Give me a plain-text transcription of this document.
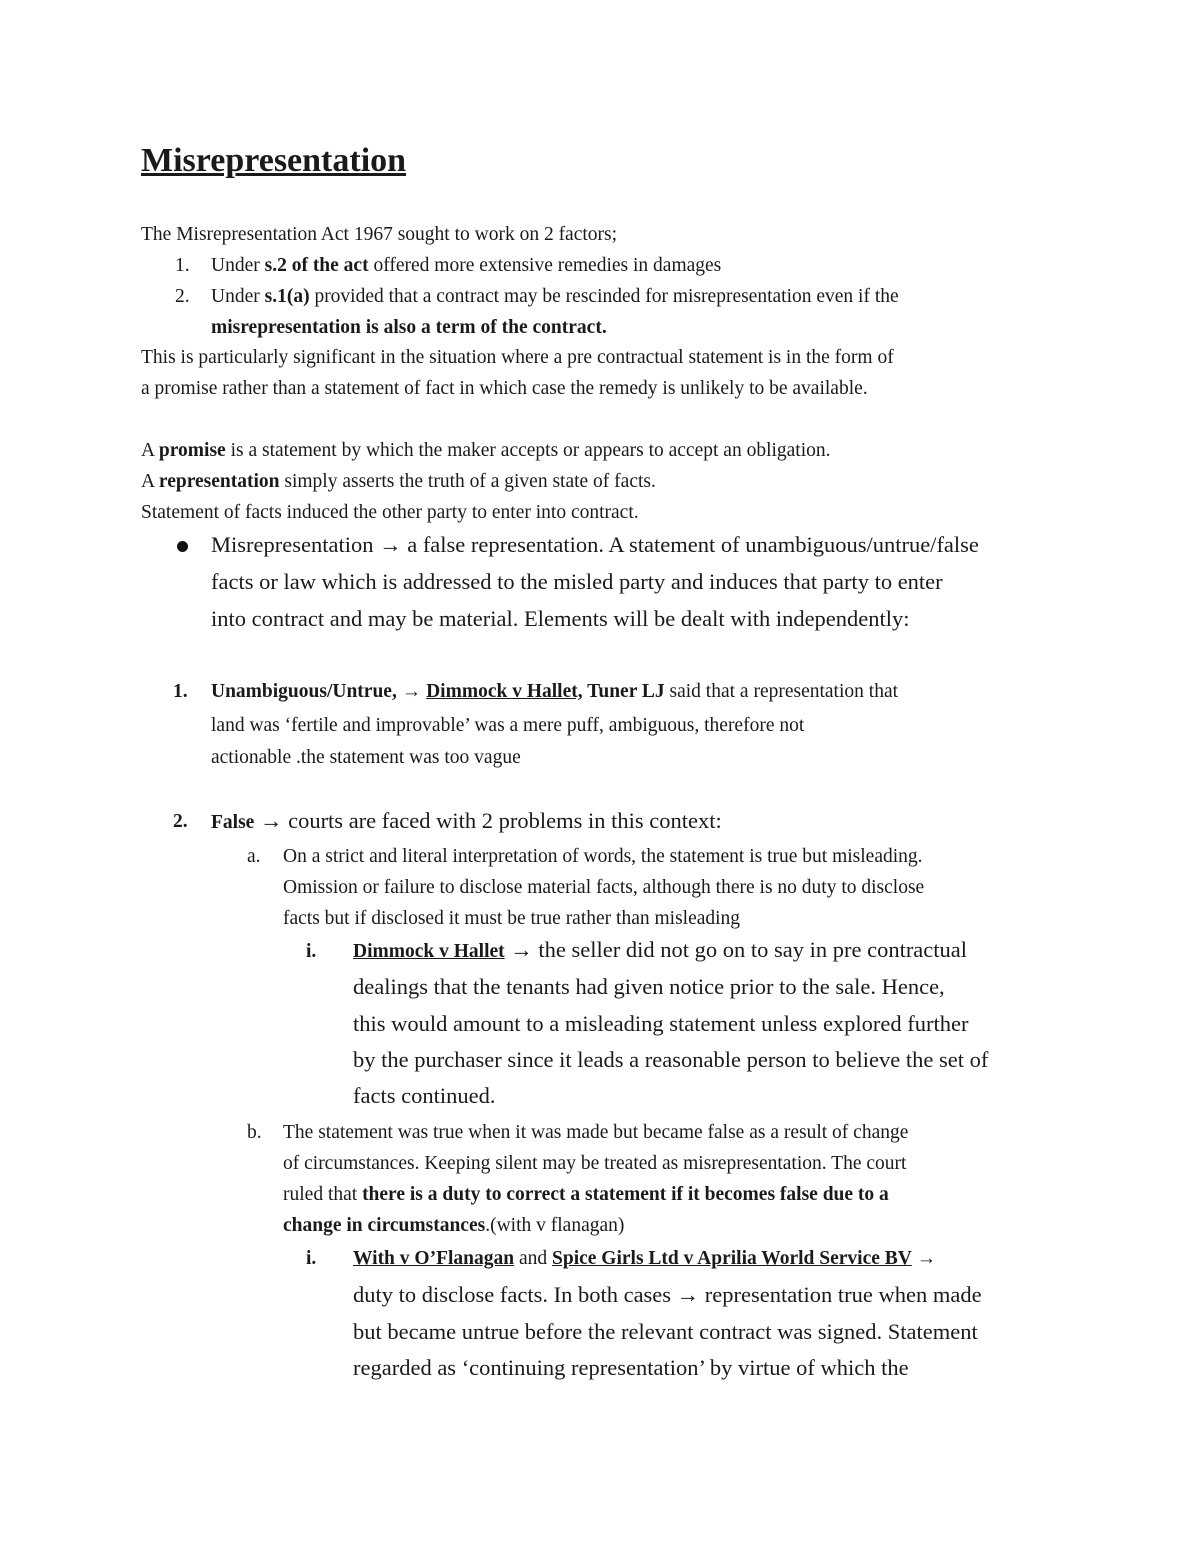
Misrepresentation
The Misrepresentation Act 1967 sought to work on 2 factors;
1. Under s.2 of the act offered more extensive remedies in damages
2. Under s.1(a) provided that a contract may be rescinded for misrepresentation even if the
misrepresentation is also a term of the contract.
This is particularly significant in the situation where a pre contractual statement is in the form of
a promise rather than a statement of fact in which case the remedy is unlikely to be available.
A promise is a statement by which the maker accepts or appears to accept an obligation.
A representation simply asserts the truth of a given state of facts.
Statement of facts induced the other party to enter into contract.
Misrepresentation → a false representation. A statement of unambiguous/untrue/false
facts or law which is addressed to the misled party and induces that party to enter
into contract and may be material. Elements will be dealt with independently:
1. Unambiguous/Untrue, → Dimmock v Hallet, Tuner LJ said that a representation that
land was ‘fertile and improvable’ was a mere puff, ambiguous, therefore not
actionable .the statement was too vague
2. False → courts are faced with 2 problems in this context:
a. On a strict and literal interpretation of words, the statement is true but misleading.
Omission or failure to disclose material facts, although there is no duty to disclose
facts but if disclosed it must be true rather than misleading
i. Dimmock v Hallet → the seller did not go on to say in pre contractual
dealings that the tenants had given notice prior to the sale. Hence,
this would amount to a misleading statement unless explored further
by the purchaser since it leads a reasonable person to believe the set of
facts continued.
b. The statement was true when it was made but became false as a result of change
of circumstances. Keeping silent may be treated as misrepresentation. The court
ruled that there is a duty to correct a statement if it becomes false due to a
change in circumstances.(with v flanagan)
i. With v O’Flanagan and Spice Girls Ltd v Aprilia World Service BV →
duty to disclose facts. In both cases → representation true when made
but became untrue before the relevant contract was signed. Statement
regarded as ‘continuing representation’ by virtue of which the
